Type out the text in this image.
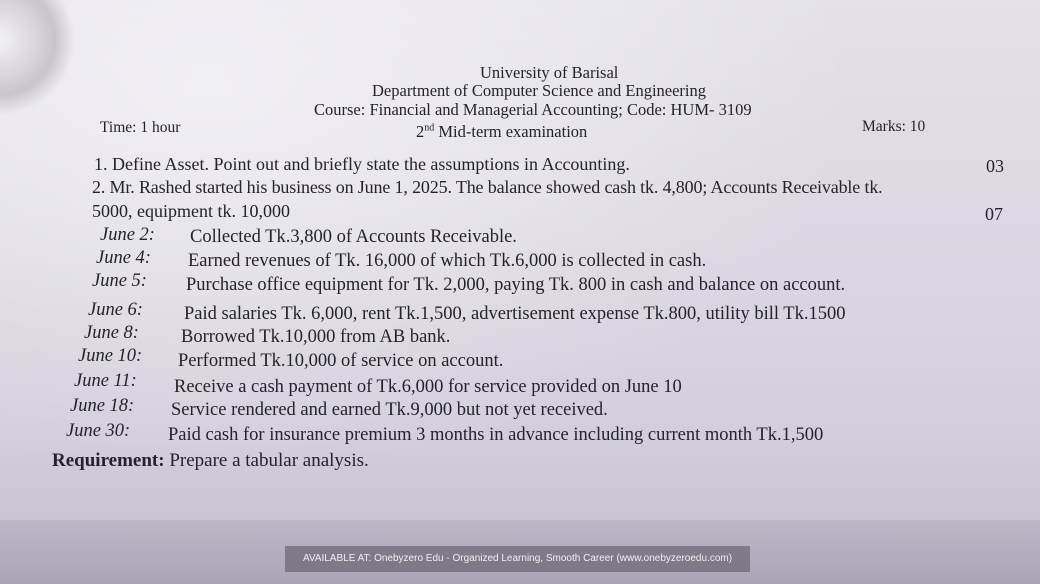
University of Barisal
Department of Computer Science and Engineering
Course: Financial and Managerial Accounting; Code: HUM- 3109
2nd Mid-term examination
Time: 1 hour	Marks: 10
1. Define Asset. Point out and briefly state the assumptions in Accounting.	03
2. Mr. Rashed started his business on June 1, 2025. The balance showed cash tk. 4,800; Accounts Receivable tk.
5000, equipment tk. 10,000	07
June 2: Collected Tk.3,800 of Accounts Receivable.
June 4: Earned revenues of Tk. 16,000 of which Tk.6,000 is collected in cash.
June 5: Purchase office equipment for Tk. 2,000, paying Tk. 800 in cash and balance on account.
June 6: Paid salaries Tk. 6,000, rent Tk.1,500, advertisement expense Tk.800, utility bill Tk.1500
June 8: Borrowed Tk.10,000 from AB bank.
June 10: Performed Tk.10,000 of service on account.
June 11: Receive a cash payment of Tk.6,000 for service provided on June 10
June 18: Service rendered and earned Tk.9,000 but not yet received.
June 30: Paid cash for insurance premium 3 months in advance including current month Tk.1,500
Requirement: Prepare a tabular analysis.
AVAILABLE AT: Onebyzero Edu - Organized Learning, Smooth Career (www.onebyzeroedu.com)
